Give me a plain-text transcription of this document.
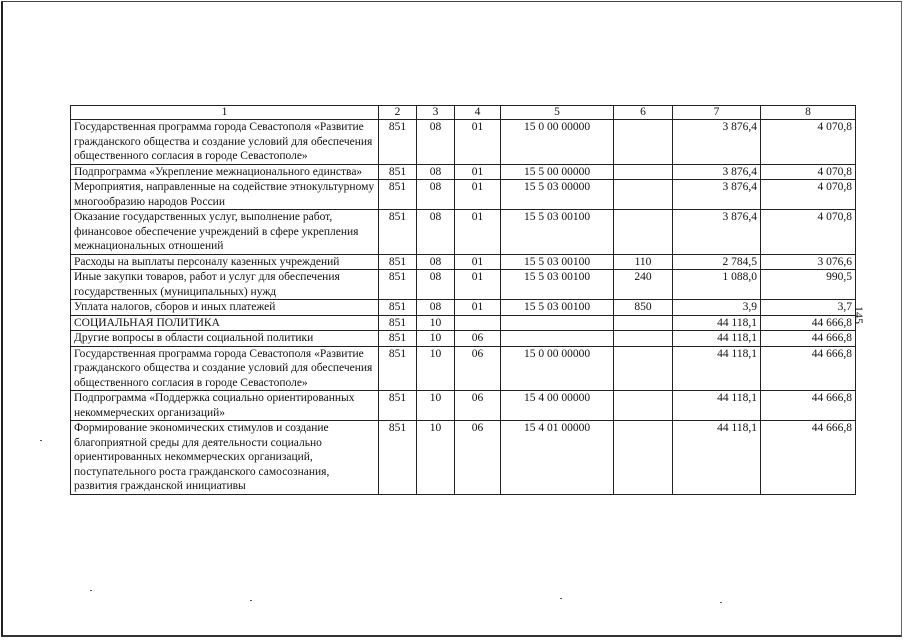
1	2	3	4	5	6	7	8
Государственная программа города Севастополя «Развитие гражданского общества и создание условий для обеспечения общественного согласия в городе Севастополе»	851	08	01	15 0 00 00000		3 876,4	4 070,8
Подпрограмма «Укрепление межнационального единства»	851	08	01	15 5 00 00000		3 876,4	4 070,8
Мероприятия, направленные на содействие этнокультурному многообразию народов России	851	08	01	15 5 03 00000		3 876,4	4 070,8
Оказание государственных услуг, выполнение работ, финансовое обеспечение учреждений в сфере укрепления межнациональных отношений	851	08	01	15 5 03 00100		3 876,4	4 070,8
Расходы на выплаты персоналу казенных учреждений	851	08	01	15 5 03 00100	110	2 784,5	3 076,6
Иные закупки товаров, работ и услуг для обеспечения государственных (муниципальных) нужд	851	08	01	15 5 03 00100	240	1 088,0	990,5
Уплата налогов, сборов и иных платежей	851	08	01	15 5 03 00100	850	3,9	3,7
СОЦИАЛЬНАЯ ПОЛИТИКА	851	10				44 118,1	44 666,8
Другие вопросы в области социальной политики	851	10	06			44 118,1	44 666,8
Государственная программа города Севастополя «Развитие гражданского общества и создание условий для обеспечения общественного согласия в городе Севастополе»	851	10	06	15 0 00 00000		44 118,1	44 666,8
Подпрограмма «Поддержка социально ориентированных некоммерческих организаций»	851	10	06	15 4 00 00000		44 118,1	44 666,8
Формирование экономических стимулов и создание благоприятной среды для деятельности социально ориентированных некоммерческих организаций, поступательного роста гражданского самосознания, развития гражданской инициативы	851	10	06	15 4 01 00000		44 118,1	44 666,8
145
